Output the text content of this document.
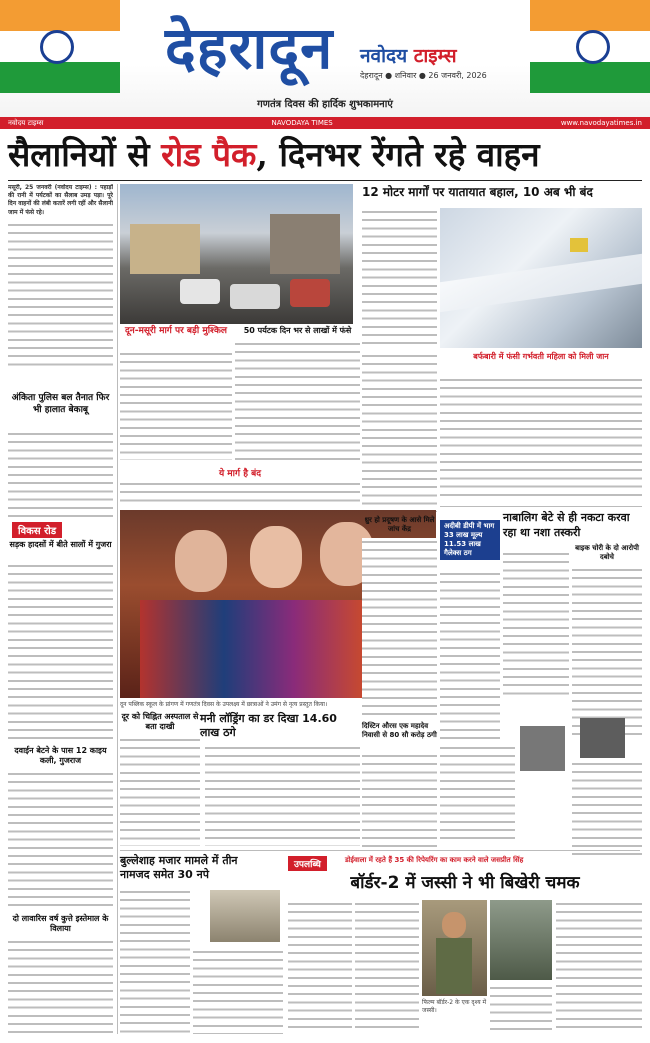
देहरादून नवोदय टाइम्स
देहरादून ● शनिवार ● 26 जनवरी, 2026
गणतंत्र दिवस की हार्दिक शुभकामनाएं
नवोदय टाइम्स	NAVODAYA TIMES	www.navodayatimes.in
सैलानियों से रोड पैक, दिनभर रेंगते रहे वाहन
मसूरी, 25 जनवरी (नवोदय टाइम्स) : पहाड़ों की रानी में पर्यटकों का सैलाब उमड़ पड़ा। पूरे दिन वाहनों की लंबी कतारें लगी रहीं और सैलानी जाम में फंसे रहे।
अंकिता पुलिस बल तैनात फिर भी हालात बेकाबू
विकस रोड
सड़क हादसों में बीते सालों में गुजरा
दवाईन बेटने के पास 12 काइय कली, गुजराज
दो लावारिस वर्ष कुत्ते इस्तेमाल के विलाया
दून-मसूरी मार्ग पर बड़ी मुश्किल	50 पर्यटक दिन भर से लाखों में फंसे
ये मार्ग है बंद
12 मोटर मार्गों पर यातायात बहाल, 10 अब भी बंद
बर्फबारी में फंसी गर्भवती महिला को मिली जान
नाबालिग बेटे से ही नकटा करवा रहा था नशा तस्करी
अदीबी डीपी में भाग 33 लाख मूल्य 11.53 लाख गैलेक्स ठग
बाइक चोरी के दो आरोपी दबोचे
दून पब्लिक स्कूल के प्रांगण में गणतंत्र दिवस के उपलक्ष्य में छात्राओं ने उमंग से नृत्य प्रस्तुत किया।
थ्रुर हो प्रदूषण के आसे मिले जांच केंद्र
दूर को चिह्नित अस्पताल से बता दाखी
मनी लॉड्रिंग का डर दिखा 14.60 लाख ठगे	दिस्टिन औरस एक महादेव निवासी से 80 सौ करोड़ ठगी
बुल्लेशाह मजार मामले में तीन नामजद समेत 30 नपे
उपलब्धि	डोईवाला में रहते हैं 35 की रिपेयरिंग का काम करने वाले जसप्रीत सिंह
बॉर्डर-2 में जस्सी ने भी बिखेरी चमक
फिल्म बॉर्डर-2 के एक दृश्य में जस्सी।
